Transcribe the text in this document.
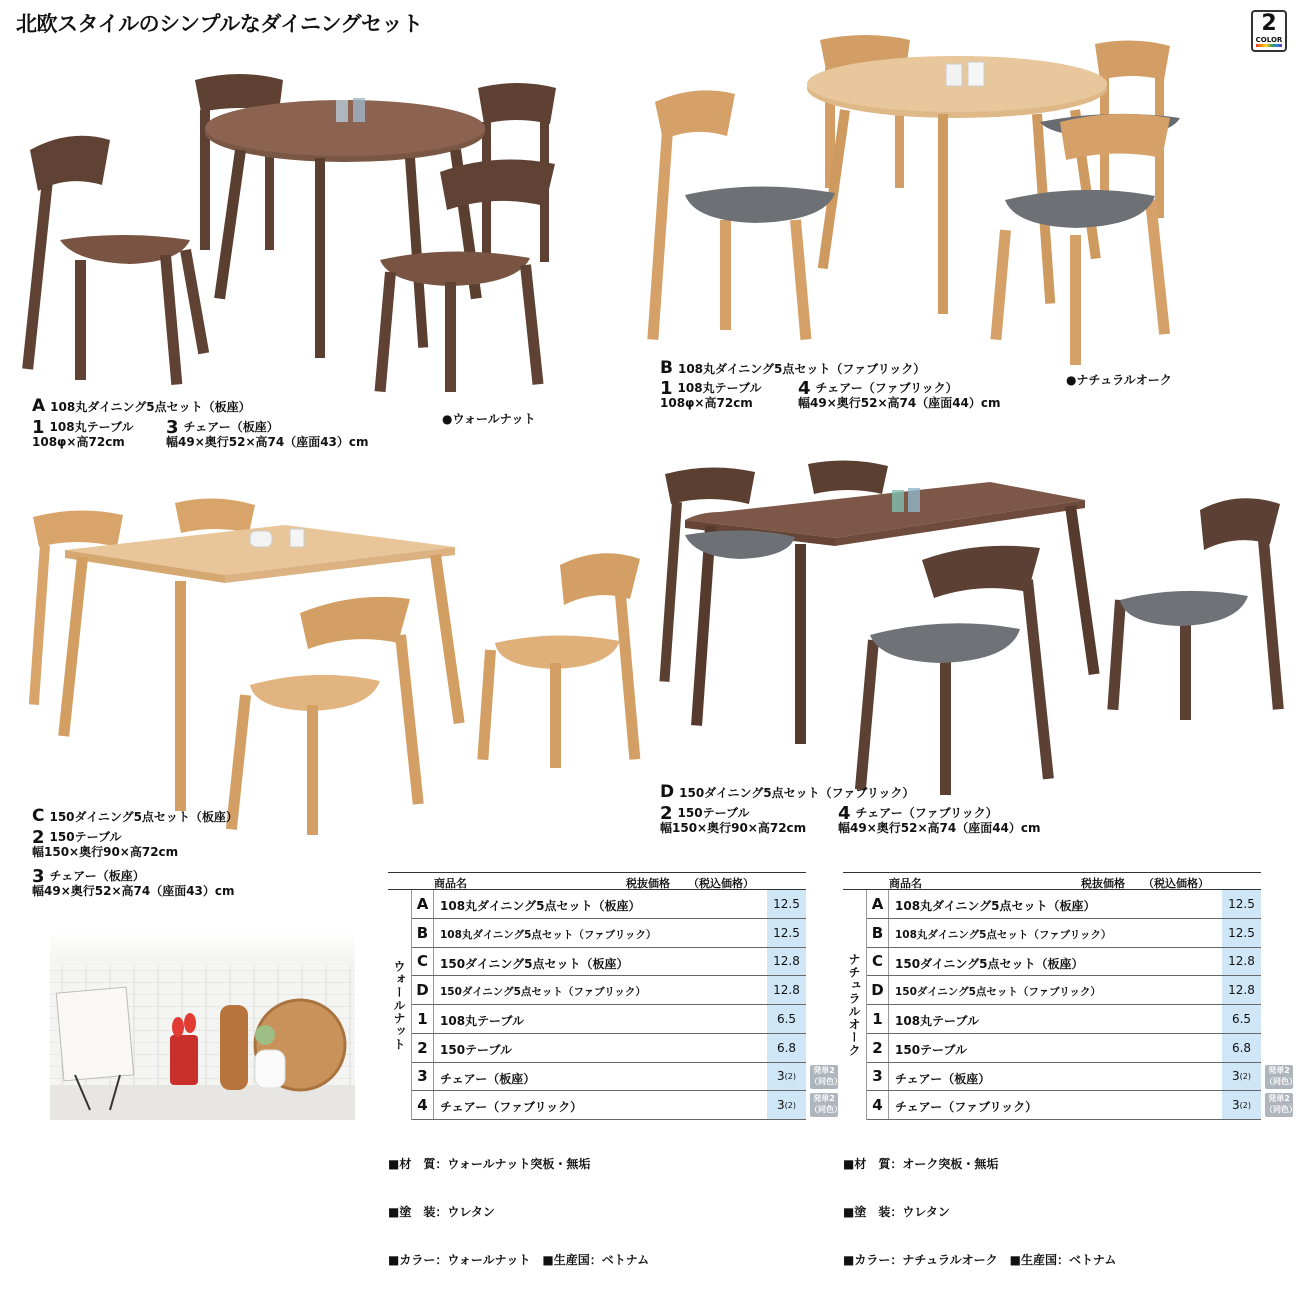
北欧スタイルのシンプルなダイニングセット	2
COLOR
A 108丸ダイニング5点セット（板座）
1 108丸テーブル
108φ×高72cm
3 チェアー（板座）
幅49×奥行52×高74（座面43）cm
●ウォールナット
B 108丸ダイニング5点セット（ファブリック）
1 108丸テーブル
108φ×高72cm
4 チェアー（ファブリック）
幅49×奥行52×高74（座面44）cm
●ナチュラルオーク
C 150ダイニング5点セット（板座）
2 150テーブル
幅150×奥行90×高72cm
3 チェアー（板座）
幅49×奥行52×高74（座面43）cm
D 150ダイニング5点セット（ファブリック）
2 150テーブル
幅150×奥行90×高72cm
4 チェアー（ファブリック）
幅49×奥行52×高74（座面44）cm
商品名	税抜価格 （税込価格）
ウォールナット
A 108丸ダイニング5点セット（板座）	12.5
B	108丸ダイニング5点セット（ファブリック）	12.5
C	150ダイニング5点セット（板座）	12.8
D	150ダイニング5点セット（ファブリック）	12.8
1	108丸テーブル	6.5
2	150テーブル	6.8
3	チェアー（板座）	3 (2)
発単2（同色）
4	チェアー（ファブリック）	3 (2)
発単2（同色）

■材　質：ウォールナット突板・無垢

■塗　装：ウレタン

■カラー：ウォールナット　■生産国：ベトナム

商品名	税抜価格 （税込価格）
ナチュラルオーク
A 108丸ダイニング5点セット（板座）	12.5
B	108丸ダイニング5点セット（ファブリック）	12.5
C	150ダイニング5点セット（板座）	12.8
D	150ダイニング5点セット（ファブリック）	12.8
1	108丸テーブル	6.5
2	150テーブル	6.8
3	チェアー（板座）	3 (2)
発単2（同色）
4	チェアー（ファブリック）	3 (2)
発単2（同色）

■材　質：オーク突板・無垢

■塗　装：ウレタン

■カラー：ナチュラルオーク　■生産国：ベトナム
